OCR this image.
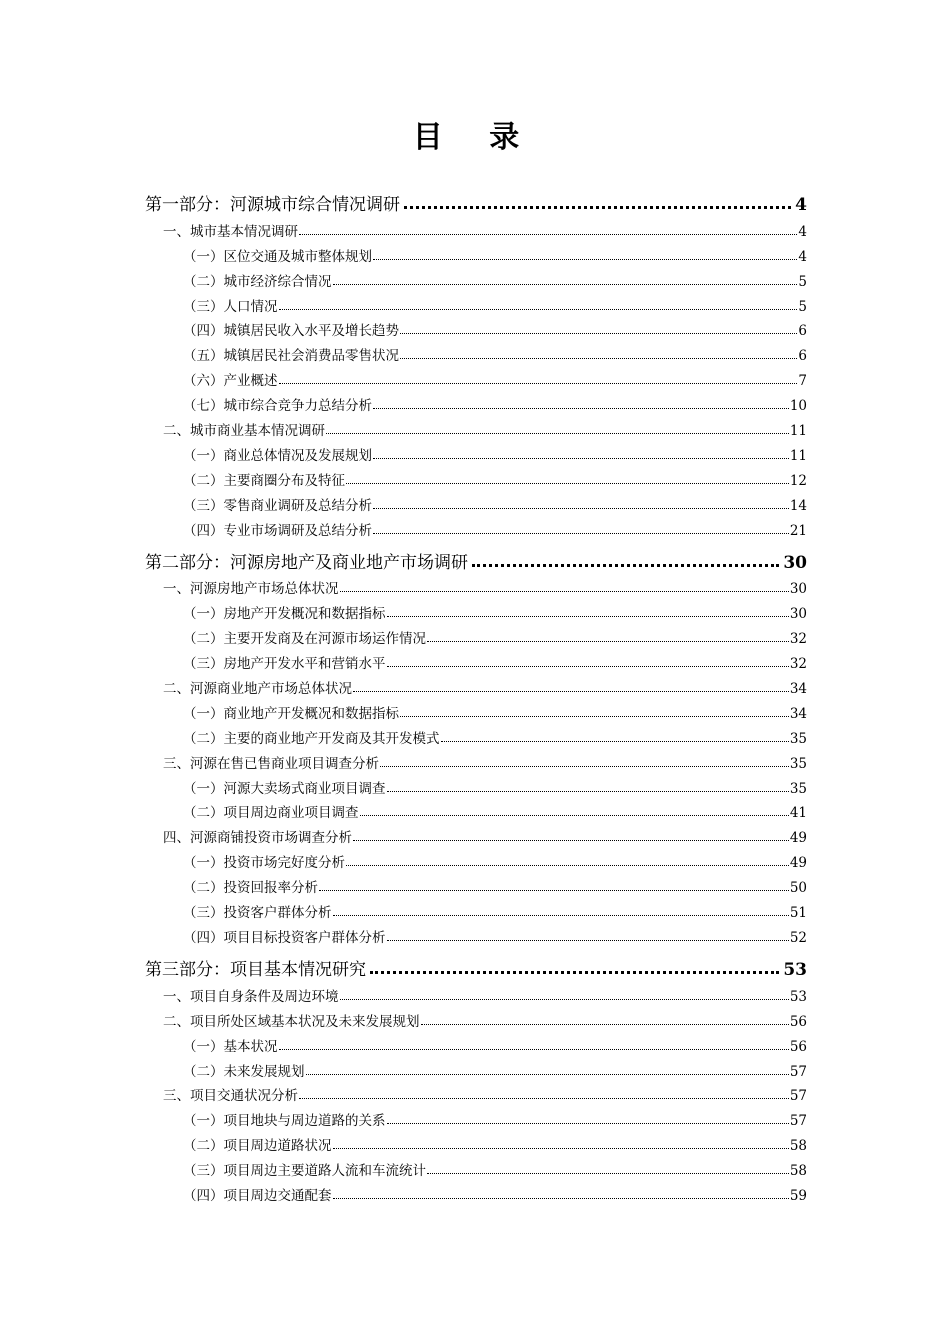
目 录
第一部分：河源城市综合情况调研	4
一、城市基本情况调研	4
（一）区位交通及城市整体规划	4
（二）城市经济综合情况	5
（三）人口情况	5
（四）城镇居民收入水平及增长趋势	6
（五）城镇居民社会消费品零售状况	6
（六）产业概述	7
（七）城市综合竞争力总结分析	10
二、城市商业基本情况调研	11
（一）商业总体情况及发展规划	11
（二）主要商圈分布及特征	12
（三）零售商业调研及总结分析	14
（四）专业市场调研及总结分析	21
第二部分：河源房地产及商业地产市场调研	30
一、河源房地产市场总体状况	30
（一）房地产开发概况和数据指标	30
（二）主要开发商及在河源市场运作情况	32
（三）房地产开发水平和营销水平	32
二、河源商业地产市场总体状况	34
（一）商业地产开发概况和数据指标	34
（二）主要的商业地产开发商及其开发模式	35
三、河源在售已售商业项目调查分析	35
（一）河源大卖场式商业项目调查	35
（二）项目周边商业项目调查	41
四、河源商铺投资市场调查分析	49
（一）投资市场完好度分析	49
（二）投资回报率分析	50
（三）投资客户群体分析	51
（四）项目目标投资客户群体分析	52
第三部分：项目基本情况研究	53
一、项目自身条件及周边环境	53
二、项目所处区域基本状况及未来发展规划	56
（一）基本状况	56
（二）未来发展规划	57
三、项目交通状况分析	57
（一）项目地块与周边道路的关系	57
（二）项目周边道路状况	58
（三）项目周边主要道路人流和车流统计	58
（四）项目周边交通配套	59
